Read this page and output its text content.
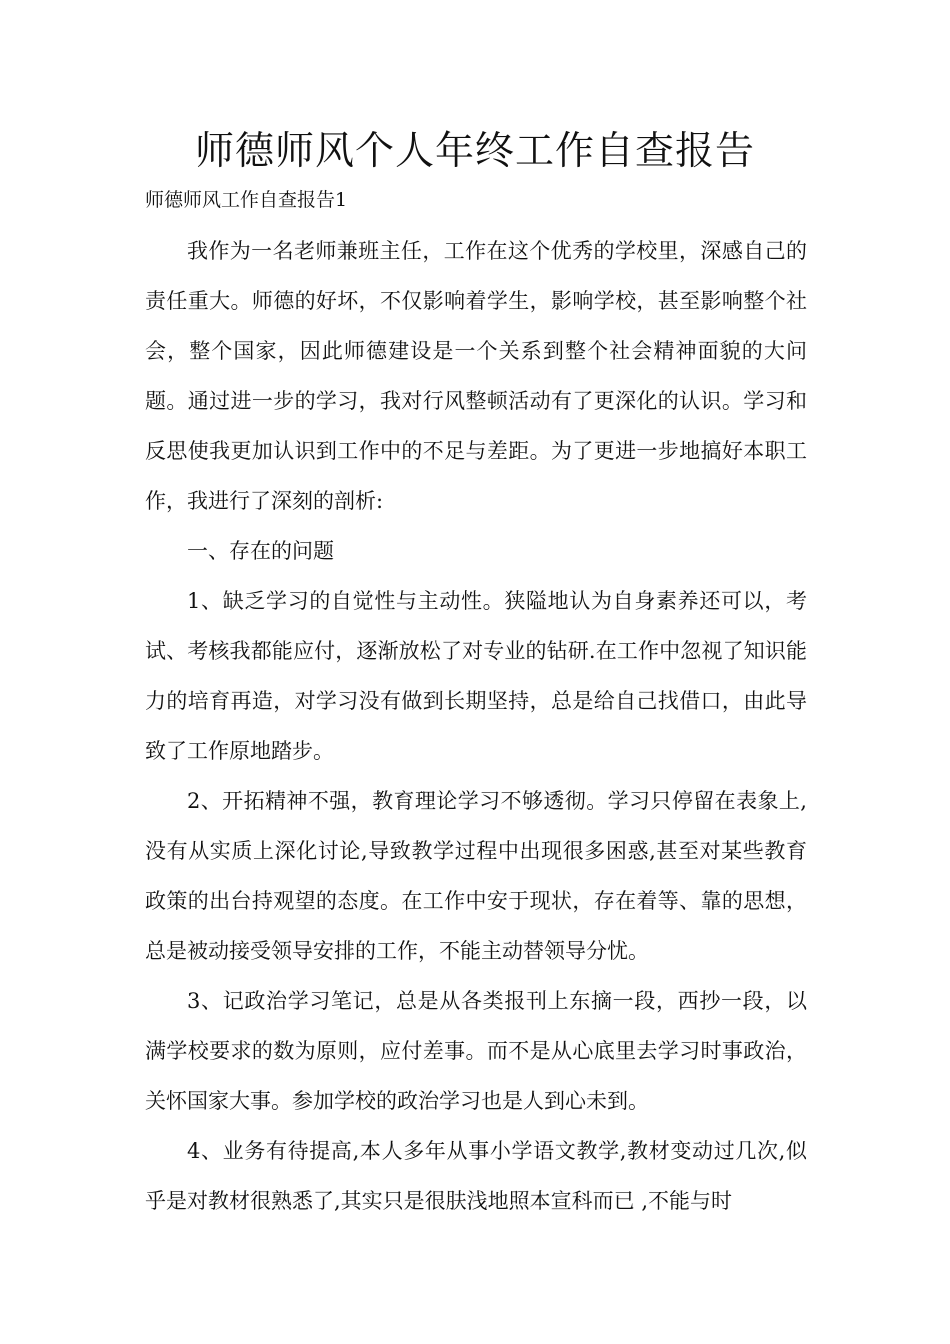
师德师风个人年终工作自查报告

师德师风工作自查报告1

我作为一名老师兼班主任，工作在这个优秀的学校里，深感自己的责任重大。师德的好坏，不仅影响着学生，影响学校，甚至影响整个社会，整个国家，因此师德建设是一个关系到整个社会精神面貌的大问题。通过进一步的学习，我对行风整顿活动有了更深化的认识。学习和反思使我更加认识到工作中的不足与差距。为了更进一步地搞好本职工作，我进行了深刻的剖析:

一、存在的问题

1、缺乏学习的自觉性与主动性。狭隘地认为自身素养还可以，考试、考核我都能应付，逐渐放松了对专业的钻研.在工作中忽视了知识能力的培育再造，对学习没有做到长期坚持，总是给自己找借口，由此导致了工作原地踏步。

2、开拓精神不强，教育理论学习不够透彻。学习只停留在表象上,没有从实质上深化讨论,导致教学过程中出现很多困惑,甚至对某些教育政策的出台持观望的态度。在工作中安于现状，存在着等、靠的思想，总是被动接受领导安排的工作，不能主动替领导分忧。

3、记政治学习笔记，总是从各类报刊上东摘一段，西抄一段，以满学校要求的数为原则，应付差事。而不是从心底里去学习时事政治，关怀国家大事。参加学校的政治学习也是人到心未到。

4、业务有待提高,本人多年从事小学语文教学,教材变动过几次,似乎是对教材很熟悉了,其实只是很肤浅地照本宣科而已 ,不能与时
